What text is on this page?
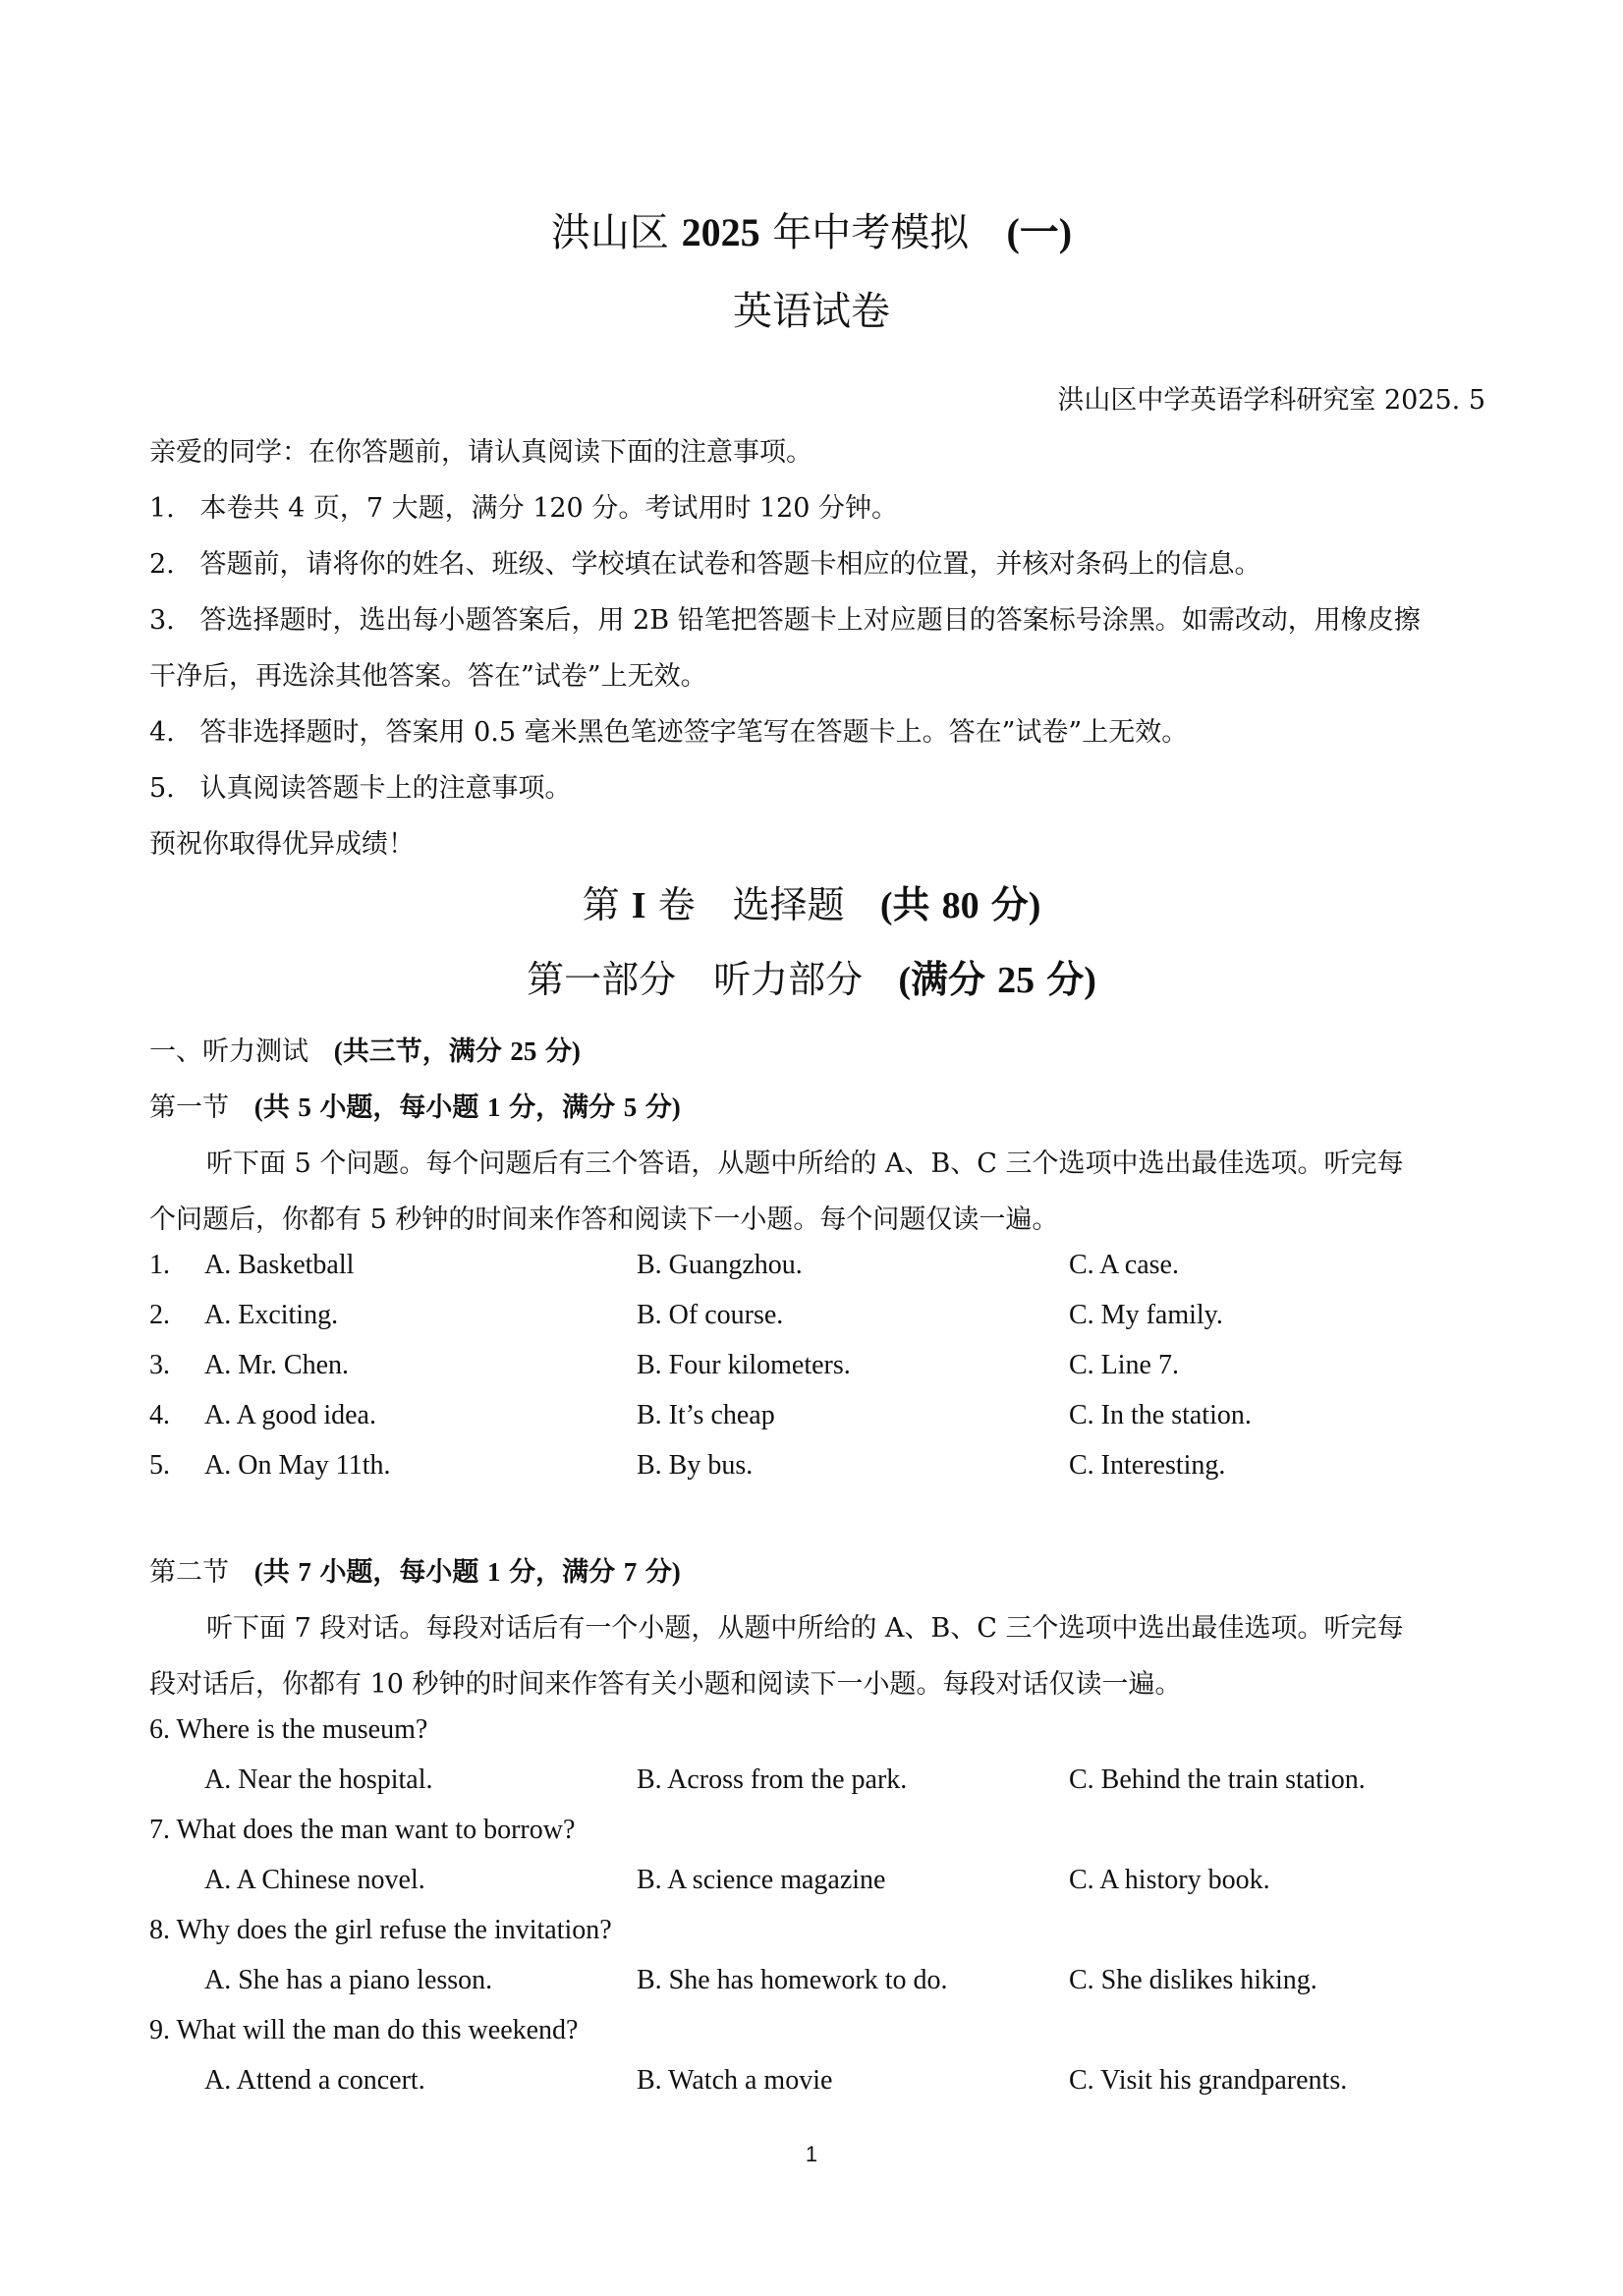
洪山区 2025 年中考模拟 (一)
英语试卷
洪山区中学英语学科研究室 2025. 5
亲爱的同学：在你答题前，请认真阅读下面的注意事项。
1. 本卷共 4 页，7 大题，满分 120 分。考试用时 120 分钟。
2. 答题前，请将你的姓名、班级、学校填在试卷和答题卡相应的位置，并核对条码上的信息。
3. 答选择题时，选出每小题答案后，用 2B 铅笔把答题卡上对应题目的答案标号涂黑。如需改动，用橡皮擦
干净后，再选涂其他答案。答在”试卷”上无效。
4. 答非选择题时，答案用 0.5 毫米黑色笔迹签字笔写在答题卡上。答在”试卷”上无效。
5. 认真阅读答题卡上的注意事项。
预祝你取得优异成绩！
第 I 卷　选择题 (共 80 分)
第一部分　听力部分 (满分 25 分)
一、听力测试 (共三节，满分 25 分)
第一节 (共 5 小题，每小题 1 分，满分 5 分)
听下面 5 个问题。每个问题后有三个答语，从题中所给的 A、B、C 三个选项中选出最佳选项。听完每
个问题后，你都有 5 秒钟的时间来作答和阅读下一小题。每个问题仅读一遍。
1. A. Basketball	B. Guangzhou.	C. A case.
2. A. Exciting.	B. Of course.	C. My family.
3. A. Mr. Chen.	B. Four kilometers.	C. Line 7.
4. A. A good idea.	B. It’s cheap	C. In the station.
5. A. On May 11th.	B. By bus.	C. Interesting.
第二节 (共 7 小题，每小题 1 分，满分 7 分)
听下面 7 段对话。每段对话后有一个小题，从题中所给的 A、B、C 三个选项中选出最佳选项。听完每
段对话后，你都有 10 秒钟的时间来作答有关小题和阅读下一小题。每段对话仅读一遍。
6. Where is the museum?
A. Near the hospital.	B. Across from the park.	C. Behind the train station.
7. What does the man want to borrow?
A. A Chinese novel.	B. A science magazine	C. A history book.
8. Why does the girl refuse the invitation?
A. She has a piano lesson.	B. She has homework to do.	C. She dislikes hiking.
9. What will the man do this weekend?
A. Attend a concert.	B. Watch a movie	C. Visit his grandparents.
1
